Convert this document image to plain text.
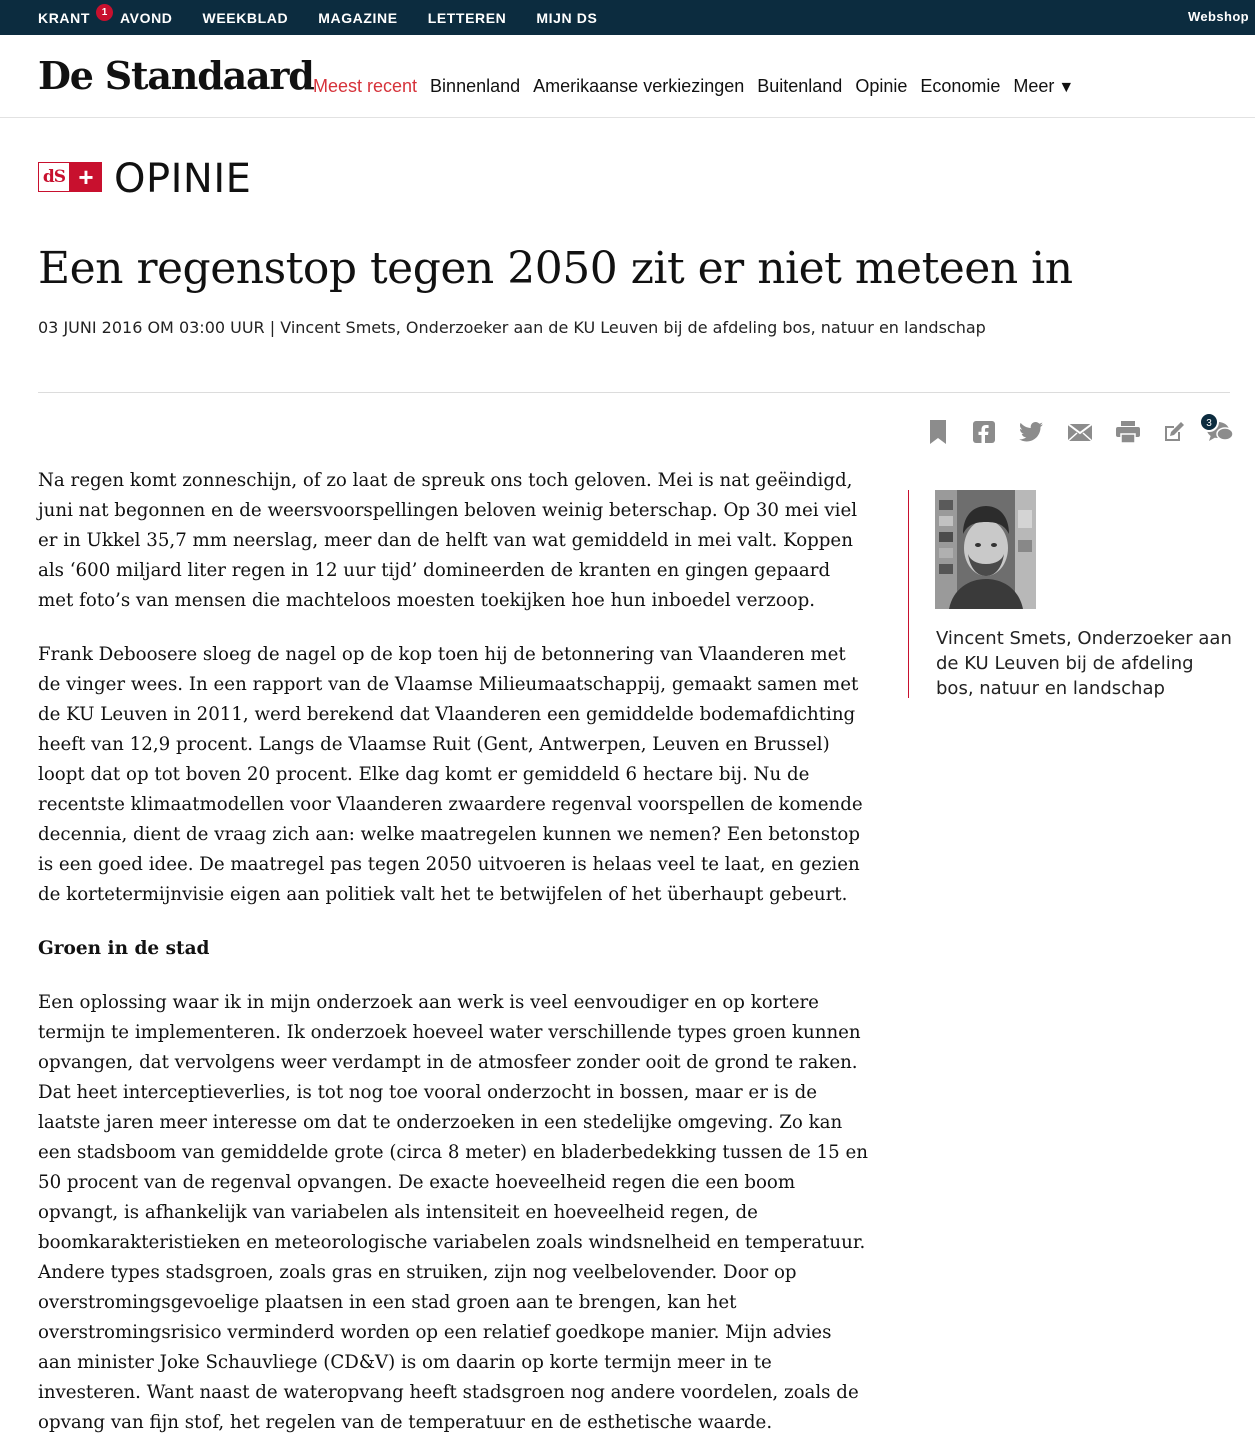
KRANT AVOND WEEKBLAD MAGAZINE LETTEREN MIJN DS
1	Webshop
De Standaard Meest recent Binnenland Amerikaanse verkiezingen Buitenland Opinie Economie Meer ▼
dS + OPINIE
Een regenstop tegen 2050 zit er niet meteen in
03 JUNI 2016 OM 03:00 UUR | Vincent Smets, Onderzoeker aan de KU Leuven bij de afdeling bos, natuur en landschap
3

Na regen komt zonneschijn, of zo laat de spreuk ons toch geloven. Mei is nat geëindigd, juni nat begonnen en de weersvoorspellingen beloven weinig beterschap. Op 30 mei viel er in Ukkel 35,7 mm neerslag, meer dan de helft van wat gemiddeld in mei valt. Koppen als ‘600 miljard liter regen in 12 uur tijd’ domineerden de kranten en gingen gepaard met foto’s van mensen die machteloos moesten toekijken hoe hun inboedel verzoop.

Frank Deboosere sloeg de nagel op de kop toen hij de betonnering van Vlaanderen met de vinger wees. In een rapport van de Vlaamse Milieumaatschappij, gemaakt samen met de KU Leuven in 2011, werd berekend dat Vlaanderen een gemiddelde bodemafdichting heeft van 12,9 procent. Langs de Vlaamse Ruit (Gent, Antwerpen, Leuven en Brussel) loopt dat op tot boven 20 procent. Elke dag komt er gemiddeld 6 hectare bij. Nu de recentste klimaatmodellen voor Vlaanderen zwaardere regenval voorspellen de komende decennia, dient de vraag zich aan: welke maatregelen kunnen we nemen? Een betonstop is een goed idee. De maatregel pas tegen 2050 uitvoeren is helaas veel te laat, en gezien de kortetermijnvisie eigen aan politiek valt het te betwijfelen of het überhaupt gebeurt.

Groen in de stad

Een oplossing waar ik in mijn onderzoek aan werk is veel eenvoudiger en op kortere termijn te implementeren. Ik onderzoek hoeveel water verschillende types groen kunnen opvangen, dat vervolgens weer verdampt in de atmosfeer zonder ooit de grond te raken. Dat heet interceptieverlies, is tot nog toe vooral onderzocht in bossen, maar er is de laatste jaren meer interesse om dat te onderzoeken in een stedelijke omgeving. Zo kan een stadsboom van gemiddelde grote (circa 8 meter) en bladerbedekking tussen de 15 en 50 procent van de regenval opvangen. De exacte hoeveelheid regen die een boom opvangt, is afhankelijk van variabelen als intensiteit en hoeveelheid regen, de boomkarakteristieken en meteorologische variabelen zoals windsnelheid en temperatuur. Andere types stadsgroen, zoals gras en struiken, zijn nog veelbelovender. Door op overstromingsgevoelige plaatsen in een stad groen aan te brengen, kan het overstromingsrisico verminderd worden op een relatief goedkope manier. Mijn advies aan minister Joke Schauvliege (CD&V) is om daarin op korte termijn meer in te investeren. Want naast de wateropvang heeft stadsgroen nog andere voordelen, zoals de opvang van fijn stof, het regelen van de temperatuur en de esthetische waarde.

Vincent Smets, Onderzoeker aan de KU Leuven bij de afdeling bos, natuur en landschap
